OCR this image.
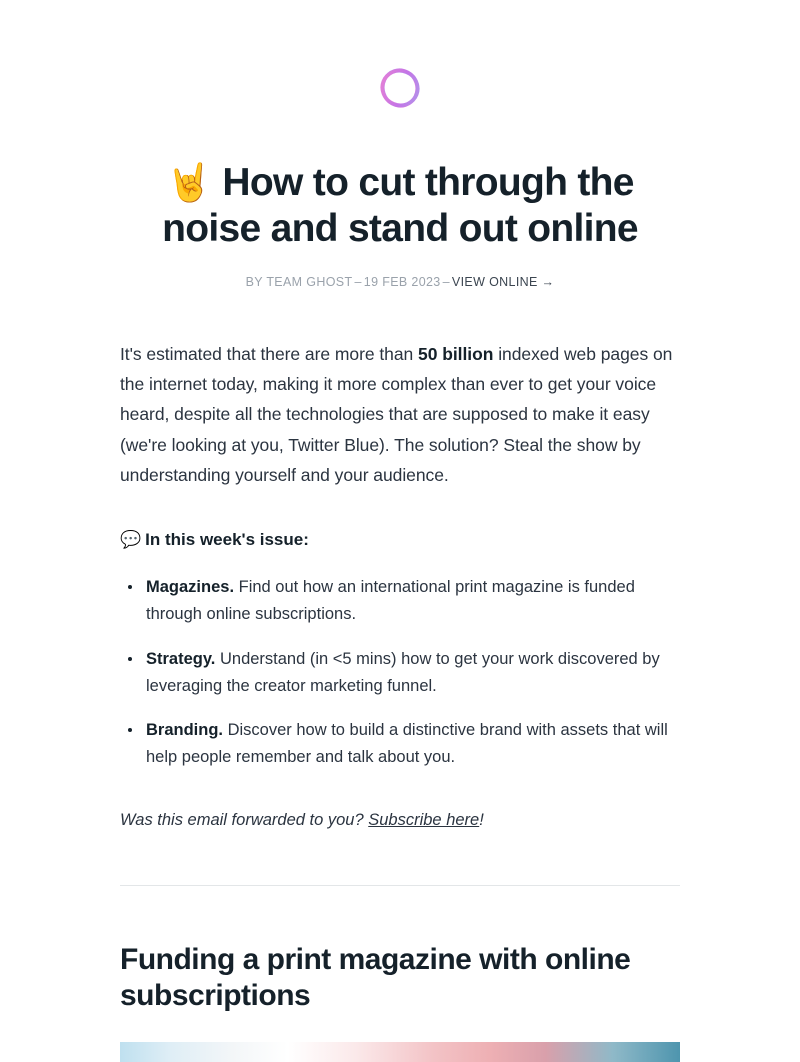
🤘 How to cut through the noise and stand out online
BY TEAM GHOST – 19 FEB 2023 – VIEW ONLINE →

It's estimated that there are more than 50 billion indexed web pages on the internet today, making it more complex than ever to get your voice heard, despite all the technologies that are supposed to make it easy (we're looking at you, Twitter Blue). The solution? Steal the show by understanding yourself and your audience.

💬 In this week's issue:

Magazines. Find out how an international print magazine is funded through online subscriptions.
Strategy. Understand (in <5 mins) how to get your work discovered by leveraging the creator marketing funnel.
Branding. Discover how to build a distinctive brand with assets that will help people remember and talk about you.

Was this email forwarded to you? Subscribe here!

Funding a print magazine with online subscriptions
